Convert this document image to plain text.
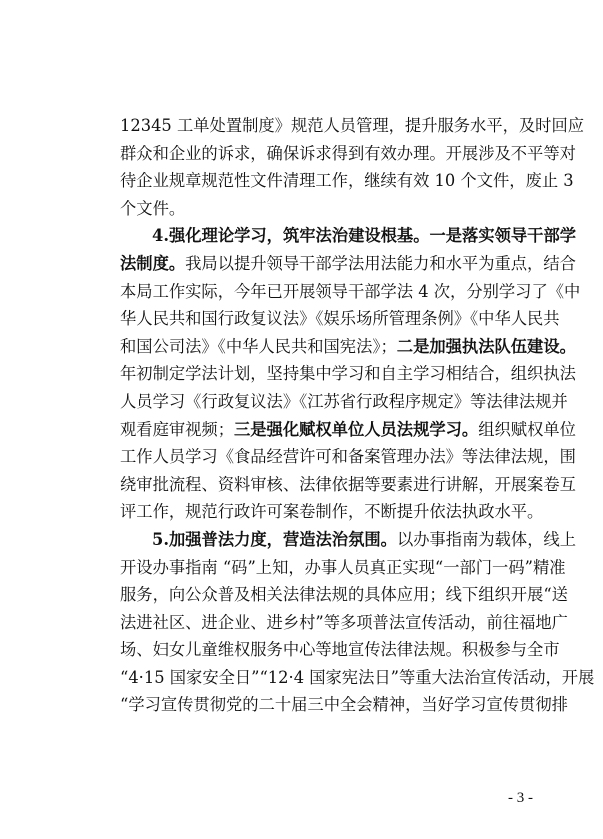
12345 工单处置制度》规范人员管理，提升服务水平，及时回应
群众和企业的诉求，确保诉求得到有效办理。开展涉及不平等对
待企业规章规范性文件清理工作，继续有效 10 个文件，废止 3
个文件。
4.强化理论学习，筑牢法治建设根基。一是落实领导干部学
法制度。我局以提升领导干部学法用法能力和水平为重点，结合
本局工作实际，今年已开展领导干部学法 4 次，分别学习了《中
华人民共和国行政复议法》《娱乐场所管理条例》《中华人民共
和国公司法》《中华人民共和国宪法》；二是加强执法队伍建设。
年初制定学法计划，坚持集中学习和自主学习相结合，组织执法
人员学习《行政复议法》《江苏省行政程序规定》等法律法规并
观看庭审视频；三是强化赋权单位人员法规学习。组织赋权单位
工作人员学习《食品经营许可和备案管理办法》等法律法规，围
绕审批流程、资料审核、法律依据等要素进行讲解，开展案卷互
评工作，规范行政许可案卷制作，不断提升依法执政水平。
5.加强普法力度，营造法治氛围。以办事指南为载体，线上
开设办事指南 “码”上知，办事人员真正实现“一部门一码”精准
服务，向公众普及相关法律法规的具体应用；线下组织开展“送
法进社区、进企业、进乡村”等多项普法宣传活动，前往福地广
场、妇女儿童维权服务中心等地宣传法律法规。积极参与全市
“4·15 国家安全日”“12·4 国家宪法日”等重大法治宣传活动，开展
“学习宣传贯彻党的二十届三中全会精神，当好学习宣传贯彻排
- 3 -
